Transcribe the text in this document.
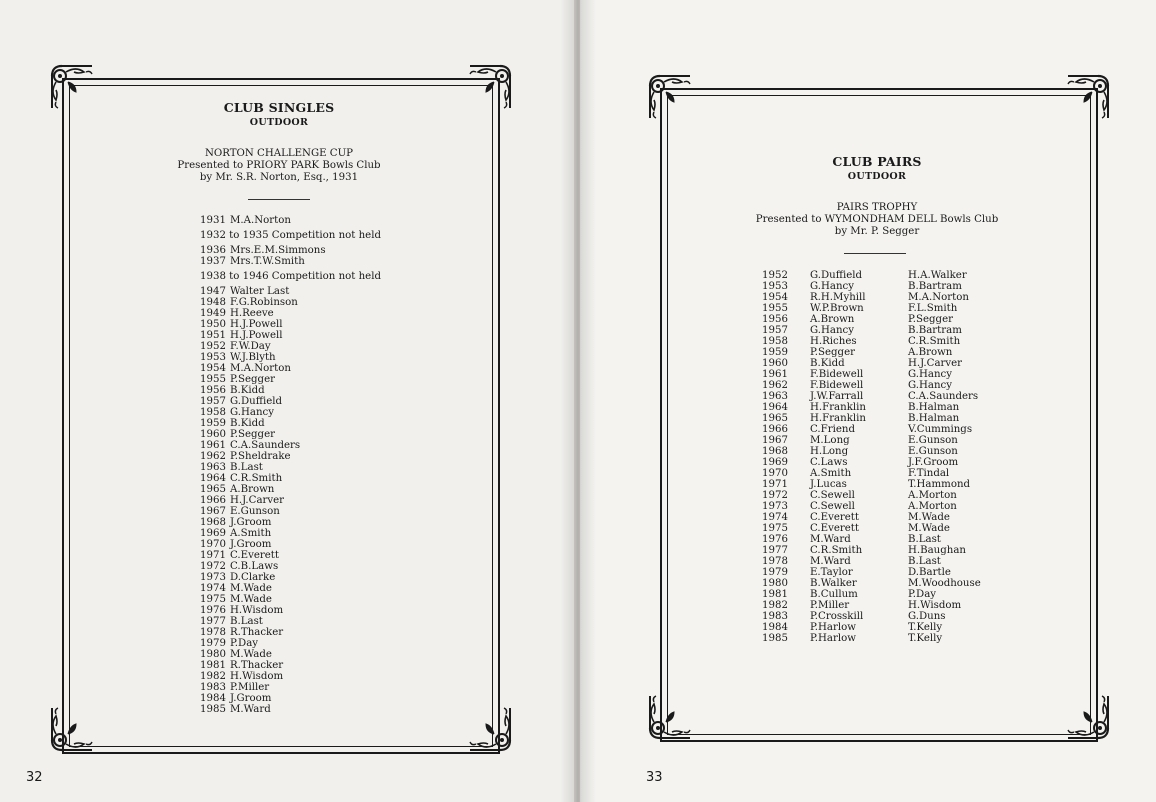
CLUB SINGLES
OUTDOOR
NORTON CHALLENGE CUP
Presented to PRIORY PARK Bowls Club
by Mr. S.R. Norton, Esq., 1931
1931 M.A.Norton
1932 to 1935 Competition not held
1936 Mrs.E.M.Simmons
1937 Mrs.T.W.Smith
1938 to 1946 Competition not held
1947 Walter Last
1948 F.G.Robinson
1949 H.Reeve
1950 H.J.Powell
1951 H.J.Powell
1952 F.W.Day
1953 W.J.Blyth
1954 M.A.Norton
1955 P.Segger
1956 B.Kidd
1957 G.Duffield
1958 G.Hancy
1959 B.Kidd
1960 P.Segger
1961 C.A.Saunders
1962 P.Sheldrake
1963 B.Last
1964 C.R.Smith
1965 A.Brown
1966 H.J.Carver
1967 E.Gunson
1968 J.Groom
1969 A.Smith
1970 J.Groom
1971 C.Everett
1972 C.B.Laws
1973 D.Clarke
1974 M.Wade
1975 M.Wade
1976 H.Wisdom
1977 B.Last
1978 R.Thacker
1979 P.Day
1980 M.Wade
1981 R.Thacker
1982 H.Wisdom
1983 P.Miller
1984 J.Groom
1985 M.Ward
32
CLUB PAIRS
OUTDOOR
PAIRS TROPHY
Presented to WYMONDHAM DELL Bowls Club
by Mr. P. Segger
1952	G.Duffield	H.A.Walker
1953	G.Hancy	B.Bartram
1954	R.H.Myhill	M.A.Norton
1955	W.P.Brown	F.L.Smith
1956	A.Brown	P.Segger
1957	G.Hancy	B.Bartram
1958	H.Riches	C.R.Smith
1959	P.Segger	A.Brown
1960	B.Kidd	H.J.Carver
1961	F.Bidewell	G.Hancy
1962	F.Bidewell	G.Hancy
1963	J.W.Farrall	C.A.Saunders
1964	H.Franklin	B.Halman
1965	H.Franklin	B.Halman
1966	C.Friend	V.Cummings
1967	M.Long	E.Gunson
1968	H.Long	E.Gunson
1969	C.Laws	J.F.Groom
1970	A.Smith	F.Tindal
1971	J.Lucas	T.Hammond
1972	C.Sewell	A.Morton
1973	C.Sewell	A.Morton
1974	C.Everett	M.Wade
1975	C.Everett	M.Wade
1976	M.Ward	B.Last
1977	C.R.Smith	H.Baughan
1978	M.Ward	B.Last
1979	E.Taylor	D.Bartle
1980	B.Walker	M.Woodhouse
1981	B.Cullum	P.Day
1982	P.Miller	H.Wisdom
1983	P.Crosskill	G.Duns
1984	P.Harlow	T.Kelly
1985	P.Harlow	T.Kelly
33
